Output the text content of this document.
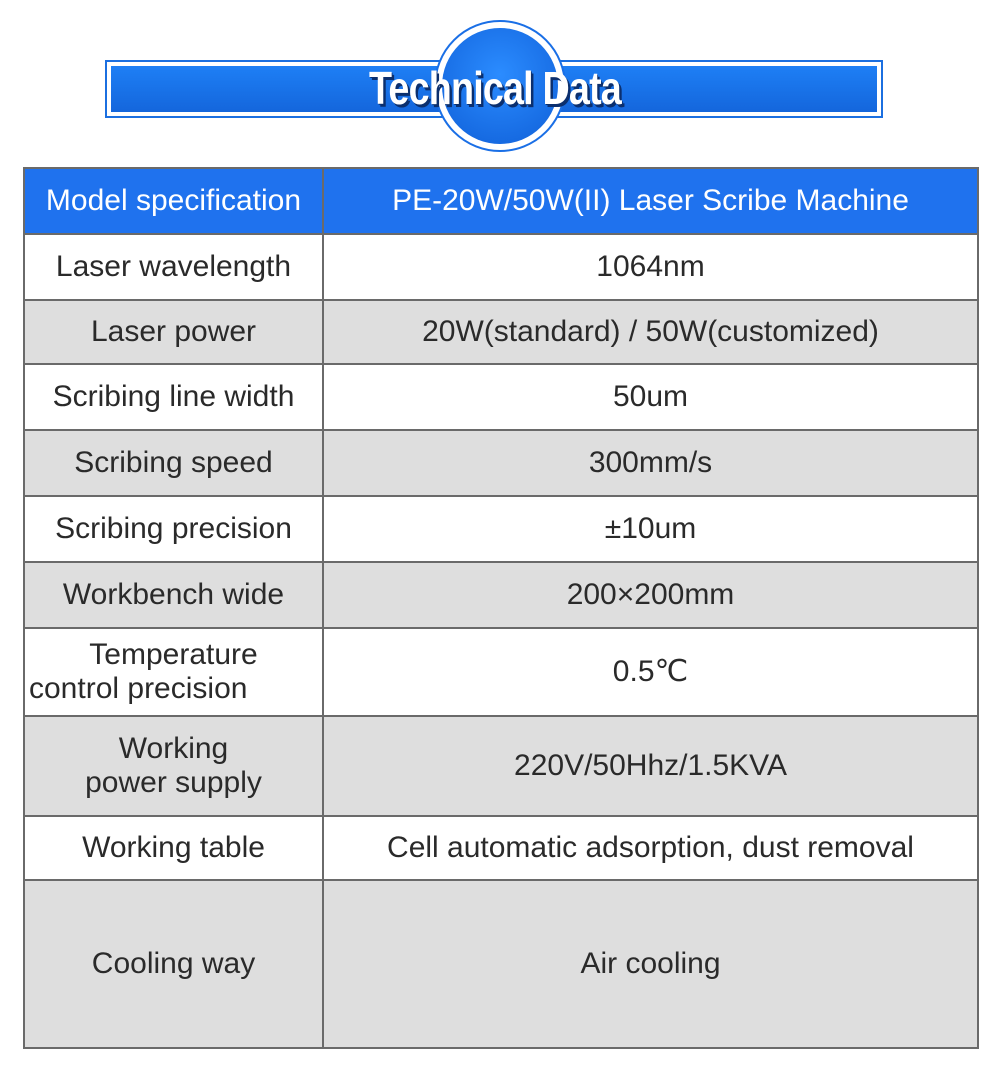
Technical Data
Model specification	PE-20W/50W(II) Laser Scribe Machine
Laser wavelength	1064nm
Laser power	20W(standard) / 50W(customized)
Scribing line width	50um
Scribing speed	300mm/s
Scribing precision	±10um
Workbench wide	200×200mm

Temperature
control precision	0.5℃

Working
power supply	220V/50Hhz/1.5KVA
Working table	Cell automatic adsorption, dust removal
Cooling way	Air cooling
